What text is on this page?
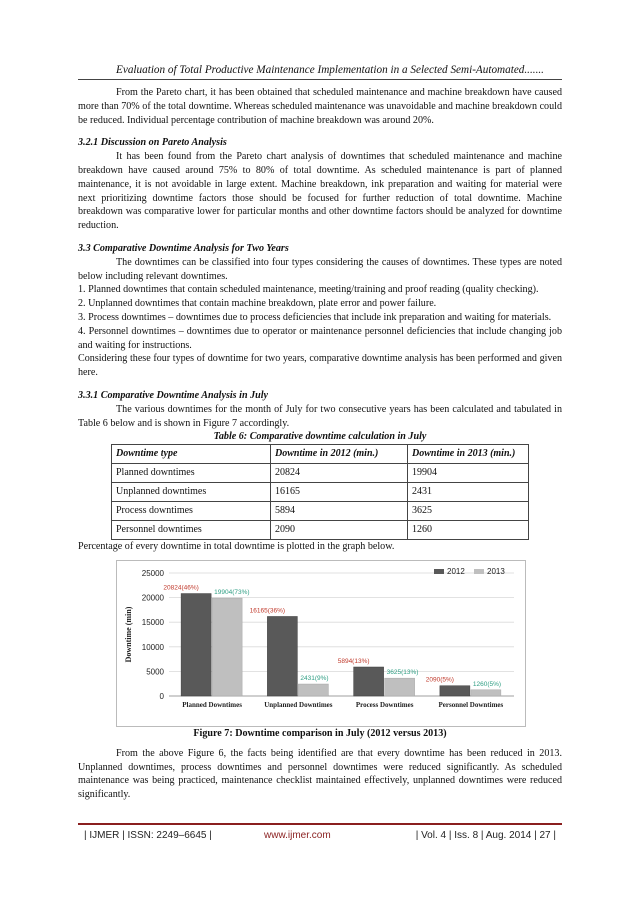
Evaluation of Total Productive Maintenance Implementation in a Selected Semi-Automated.......

From the Pareto chart, it has been obtained that scheduled maintenance and machine breakdown have caused more than 70% of the total downtime. Whereas scheduled maintenance was unavoidable and machine breakdown could be reduced. Individual percentage contribution of machine breakdown was around 20%.

3.2.1 Discussion on Pareto Analysis

It has been found from the Pareto chart analysis of downtimes that scheduled maintenance and machine breakdown have caused around 75% to 80% of total downtime. As scheduled maintenance is part of planned maintenance, it is not avoidable in large extent. Machine breakdown, ink preparation and waiting for material were next prioritizing downtime factors those should be focused for further reduction of total downtime. Machine breakdown was comparative lower for particular months and other downtime factors should be analyzed for downtime reduction.

3.3 Comparative Downtime Analysis for Two Years

The downtimes can be classified into four types considering the causes of downtimes. These types are noted below including relevant downtimes.

1. Planned downtimes that contain scheduled maintenance, meeting/training and proof reading (quality checking).

2. Unplanned downtimes that contain machine breakdown, plate error and power failure.

3. Process downtimes – downtimes due to process deficiencies that include ink preparation and waiting for materials.

4. Personnel downtimes – downtimes due to operator or maintenance personnel deficiencies that include changing job and waiting for instructions.

Considering these four types of downtime for two years, comparative downtime analysis has been performed and given here.

3.3.1 Comparative Downtime Analysis in July

The various downtimes for the month of July for two consecutive years has been calculated and tabulated in Table 6 below and is shown in Figure 7 accordingly.

Table 6: Comparative downtime calculation in July

Downtime type	Downtime in 2012 (min.)	Downtime in 2013 (min.)
Planned downtimes	20824	19904
Unplanned downtimes	16165	2431
Process downtimes	5894	3625
Personnel downtimes	2090	1260

Percentage of every downtime in total downtime is plotted in the graph below.

0
5000
10000
15000
20000
25000
Downtime (min)
20824(46%)
19904(73%)
Planned Downtimes
16165(36%)
2431(9%)
Unplanned Downtimes
5894(13%)
3625(13%)
Process Downtimes
2090(5%)
1260(5%)
Personnel Downtimes
2012	2013

Figure 7: Downtime comparison in July (2012 versus 2013)

From the above Figure 6, the facts being identified are that every downtime has been reduced in 2013. Unplanned downtimes, process downtimes and personnel downtimes were reduced significantly. As scheduled maintenance was being practiced, maintenance checklist maintained effectively, unplanned downtimes were reduced significantly.

| IJMER | ISSN: 2249–6645 |	www.ijmer.com	| Vol. 4 | Iss. 8 | Aug. 2014 | 27 |
